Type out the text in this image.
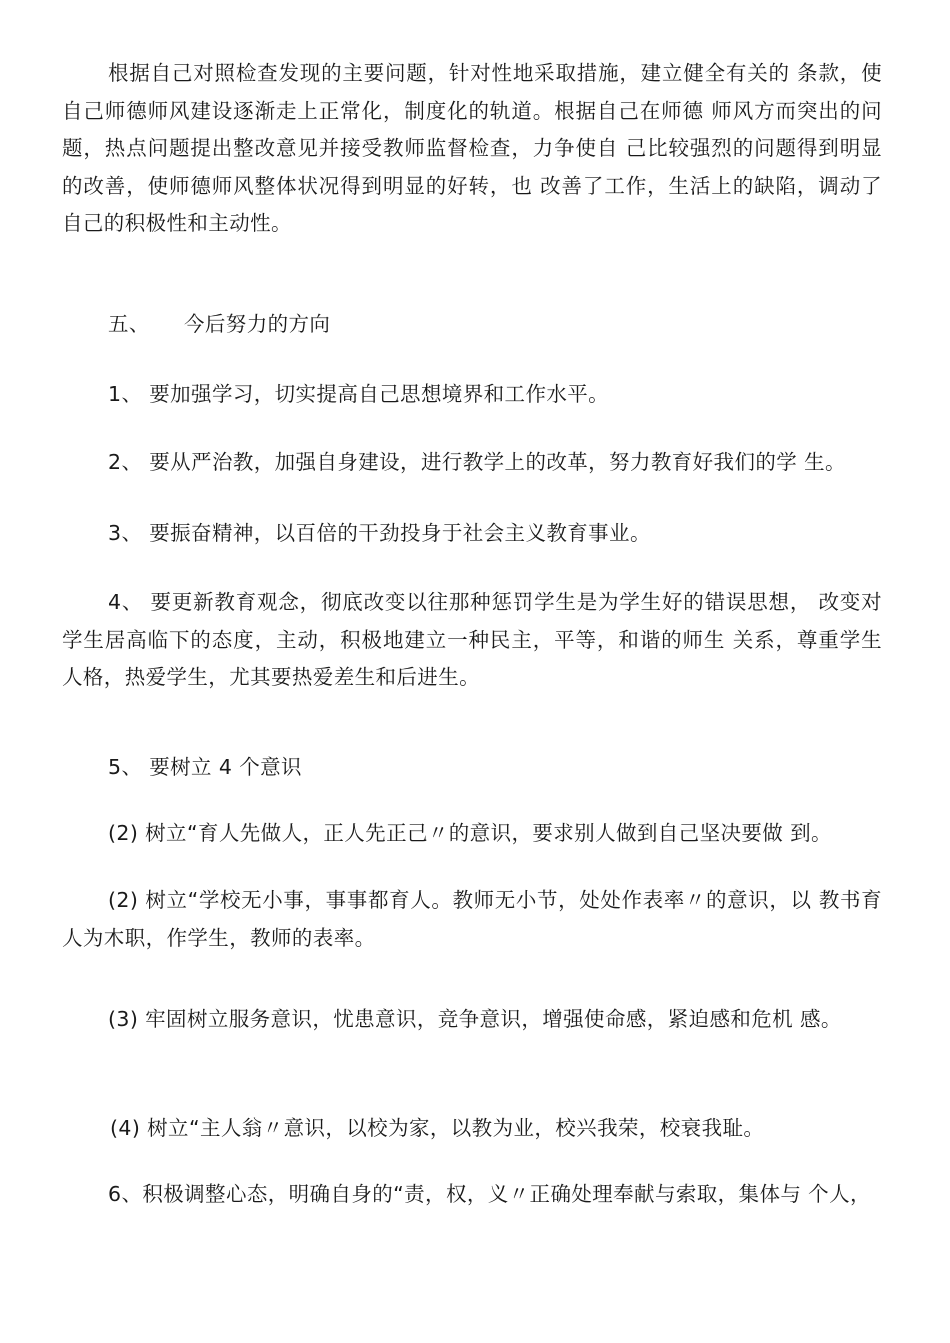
根据自己对照检查发现的主要问题，针对性地采取措施，建立健全有关的 条款，使自己师德师风建设逐渐走上正常化，制度化的轨道。根据自己在师德 师风方而突出的问题，热点问题提出整改意见并接受教师监督检查，力争使自 己比较强烈的问题得到明显的改善，使师德师风整体状况得到明显的好转，也 改善了工作，生活上的缺陷，调动了自己的积极性和主动性。

五、 今后努力的方向

1、 要加强学习，切实提高自己思想境界和工作水平。

2、 要从严治教，加强自身建设，进行教学上的改革，努力教育好我们的学 生。

3、 要振奋精神，以百倍的干劲投身于社会主义教育事业。

4、 要更新教育观念，彻底改变以往那种惩罚学生是为学生好的错误思想， 改变对学生居高临下的态度，主动，积极地建立一种民主，平等，和谐的师生 关系，尊重学生人格，热爱学生，尤其要热爱差生和后进生。

5、 要树立 4 个意识

(2) 树立“育人先做人，正人先正己〃的意识，要求别人做到自己坚决要做 到。

(2) 树立“学校无小事，事事都育人。教师无小节，处处作表率〃的意识，以 教书育人为木职，作学生，教师的表率。

(3) 牢固树立服务意识，忧患意识，竞争意识，增强使命感，紧迫感和危机 感。

(4) 树立“主人翁〃意识，以校为家，以教为业，校兴我荣，校衰我耻。

6、积极调整心态，明确自身的“责，权，义〃正确处理奉献与索取，集体与 个人，
